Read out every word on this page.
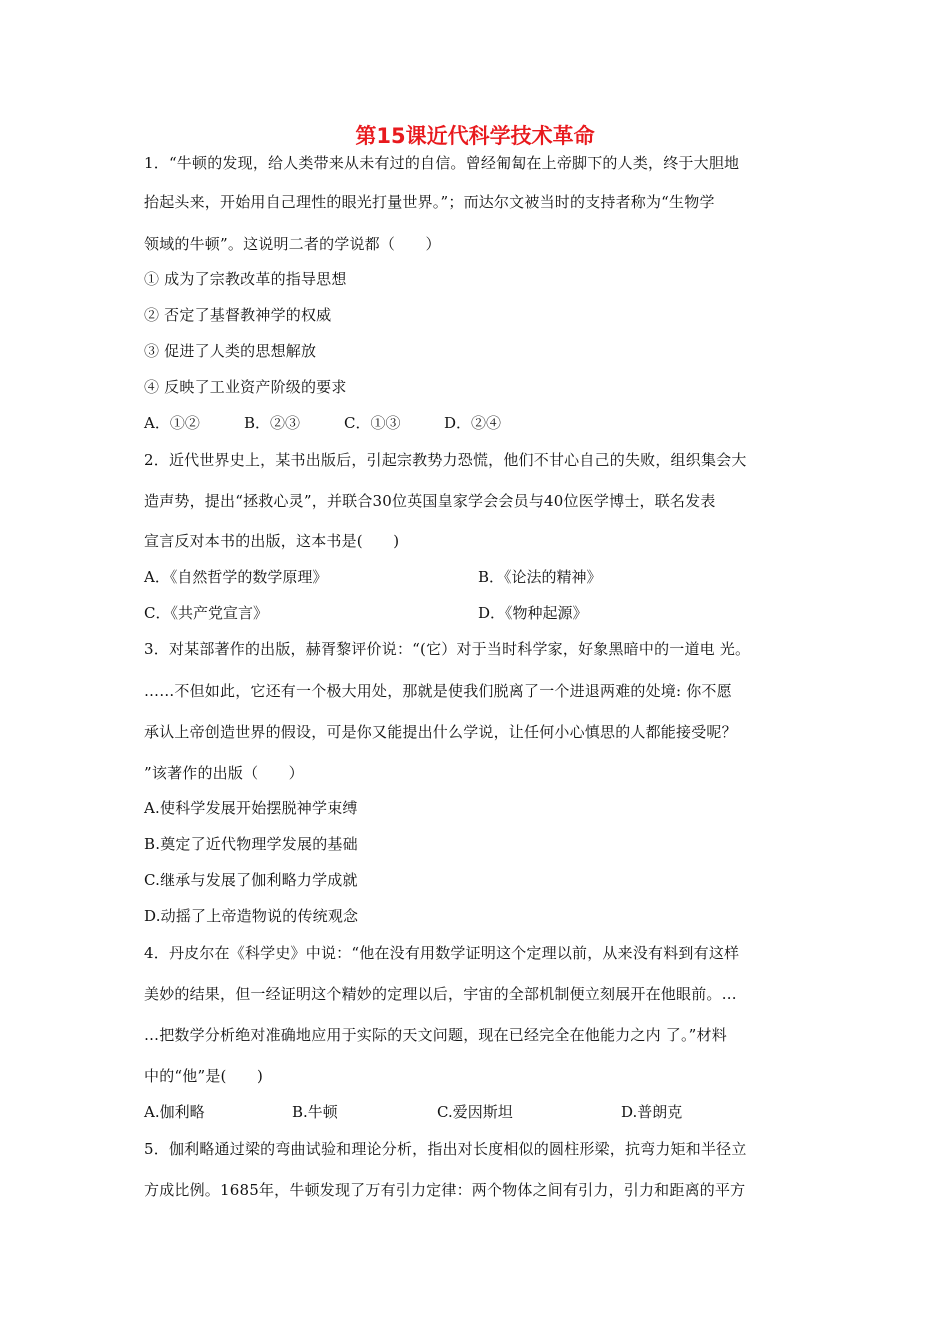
第15课近代科学技术革命
1．“牛顿的发现，给人类带来从未有过的自信。曾经匍匐在上帝脚下的人类，终于大胆地
抬起头来，开始用自己理性的眼光打量世界。”；而达尔文被当时的支持者称为“生物学
领域的牛顿”。这说明二者的学说都（　　）
① 成为了宗教改革的指导思想
② 否定了基督教神学的权威
③ 促进了人类的思想解放
④ 反映了工业资产阶级的要求
A．①②	B．②③	C．①③	D．②④
2．近代世界史上，某书出版后，引起宗教势力恐慌，他们不甘心自己的失败，组织集会大
造声势，提出“拯救心灵”，并联合30位英国皇家学会会员与40位医学博士，联名发表
宣言反对本书的出版，这本书是(　　)
A．《自然哲学的数学原理》	B．《论法的精神》
C．《共产党宣言》	D．《物种起源》
3．对某部著作的出版，赫胥黎评价说：“(它）对于当时科学家，好象黑暗中的一道电 光。
……不但如此，它还有一个极大用处，那就是使我们脱离了一个进退两难的处境: 你不愿
承认上帝创造世界的假设，可是你又能提出什么学说，让任何小心慎思的人都能接受呢？
”该著作的出版（　　）
A.使科学发展开始摆脱神学束缚
B.奠定了近代物理学发展的基础
C.继承与发展了伽利略力学成就
D.动摇了上帝造物说的传统观念
4．丹皮尔在《科学史》中说：“他在没有用数学证明这个定理以前，从来没有料到有这样
美妙的结果，但一经证明这个精妙的定理以后，宇宙的全部机制便立刻展开在他眼前。…
…把数学分析绝对准确地应用于实际的天文问题，现在已经完全在他能力之内 了。”材料
中的“他”是(　　)
A.伽利略	B.牛顿	C.爱因斯坦	D.普朗克
5．伽利略通过梁的弯曲试验和理论分析，指出对长度相似的圆柱形梁，抗弯力矩和半径立
方成比例。1685年，牛顿发现了万有引力定律：两个物体之间有引力，引力和距离的平方
